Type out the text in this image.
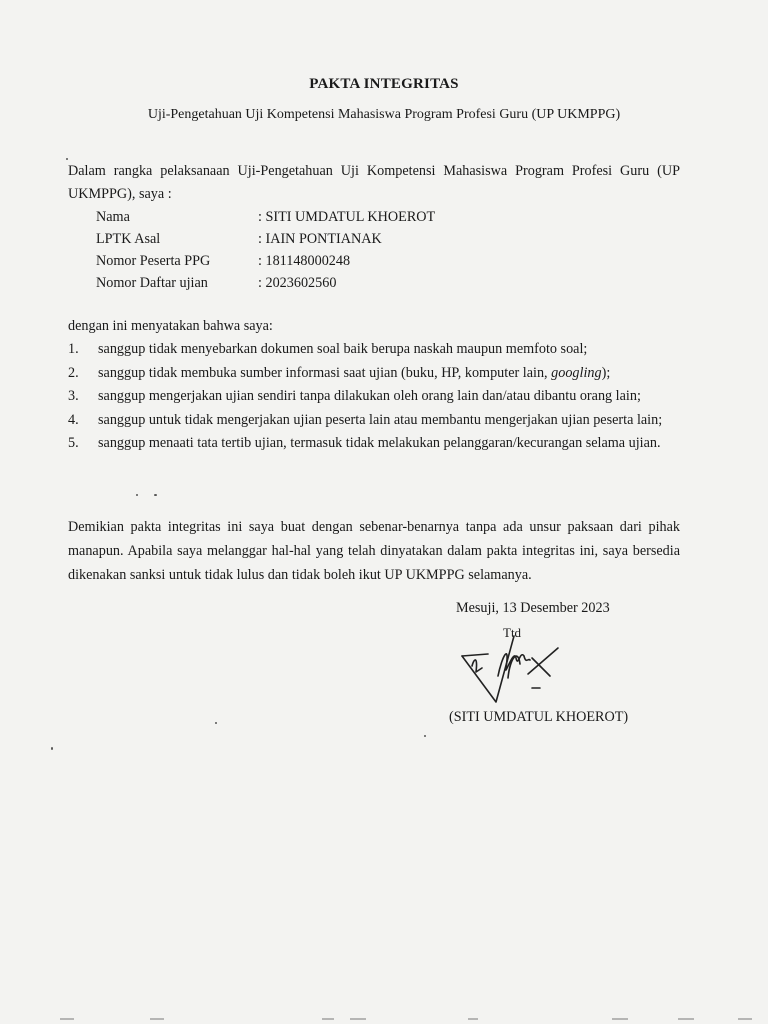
PAKTA INTEGRITAS
Uji-Pengetahuan Uji Kompetensi Mahasiswa Program Profesi Guru (UP UKMPPG)
Dalam rangka pelaksanaan Uji-Pengetahuan Uji Kompetensi Mahasiswa Program Profesi Guru (UP UKMPPG), saya :
Nama	: SITI UMDATUL KHOEROT
LPTK Asal	: IAIN PONTIANAK
Nomor Peserta PPG	: 181148000248
Nomor Daftar ujian	: 2023602560
dengan ini menyatakan bahwa saya:
1.	sanggup tidak menyebarkan dokumen soal baik berupa naskah maupun memfoto soal;
2.	sanggup tidak membuka sumber informasi saat ujian (buku, HP, komputer lain, googling);
3.	sanggup mengerjakan ujian sendiri tanpa dilakukan oleh orang lain dan/atau dibantu orang lain;
4.	sanggup untuk tidak mengerjakan ujian peserta lain atau membantu mengerjakan ujian peserta lain;
5.	sanggup menaati tata tertib ujian, termasuk tidak melakukan pelanggaran/kecurangan selama ujian.
Demikian pakta integritas ini saya buat dengan sebenar-benarnya tanpa ada unsur paksaan dari pihak manapun. Apabila saya melanggar hal-hal yang telah dinyatakan dalam pakta integritas ini, saya bersedia dikenakan sanksi untuk tidak lulus dan tidak boleh ikut UP UKMPPG selamanya.
Mesuji, 13 Desember 2023
Ttd
(SITI UMDATUL KHOEROT)
